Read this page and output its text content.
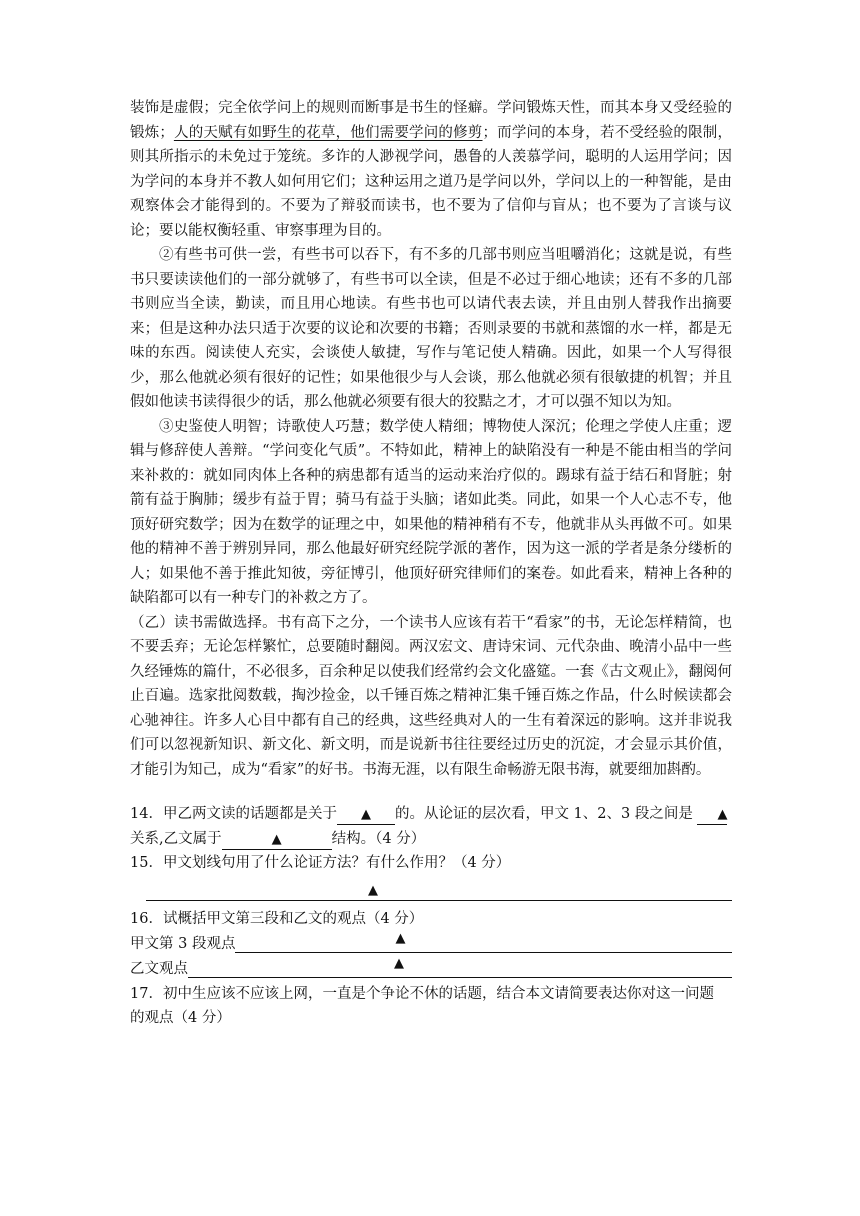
装饰是虚假；完全依学问上的规则而断事是书生的怪癖。学问锻炼天性，而其本身又受经验的锻炼；人的天赋有如野生的花草，他们需要学问的修剪；而学问的本身，若不受经验的限制，则其所指示的未免过于笼统。多诈的人渺视学问，愚鲁的人羡慕学问，聪明的人运用学问；因为学问的本身并不教人如何用它们；这种运用之道乃是学问以外，学问以上的一种智能，是由观察体会才能得到的。不要为了辩驳而读书，也不要为了信仰与盲从；也不要为了言谈与议论；要以能权衡轻重、审察事理为目的。

②有些书可供一尝，有些书可以吞下，有不多的几部书则应当咀嚼消化；这就是说，有些书只要读读他们的一部分就够了，有些书可以全读，但是不必过于细心地读；还有不多的几部书则应当全读，勤读，而且用心地读。有些书也可以请代表去读，并且由别人替我作出摘要来；但是这种办法只适于次要的议论和次要的书籍；否则录要的书就和蒸馏的水一样，都是无味的东西。阅读使人充实，会谈使人敏捷，写作与笔记使人精确。因此，如果一个人写得很少，那么他就必须有很好的记性；如果他很少与人会谈，那么他就必须有很敏捷的机智；并且假如他读书读得很少的话，那么他就必须要有很大的狡黠之才，才可以强不知以为知。

③史鉴使人明智；诗歌使人巧慧；数学使人精细；博物使人深沉；伦理之学使人庄重；逻辑与修辞使人善辩。“学问变化气质”。不特如此，精神上的缺陷没有一种是不能由相当的学问来补救的：就如同肉体上各种的病患都有适当的运动来治疗似的。踢球有益于结石和肾脏；射箭有益于胸肺；缓步有益于胃；骑马有益于头脑；诸如此类。同此，如果一个人心志不专，他顶好研究数学；因为在数学的证理之中，如果他的精神稍有不专，他就非从头再做不可。如果他的精神不善于辨别异同，那么他最好研究经院学派的著作，因为这一派的学者是条分缕析的人；如果他不善于推此知彼，旁征博引，他顶好研究律师们的案卷。如此看来，精神上各种的缺陷都可以有一种专门的补救之方了。

（乙）读书需做选择。书有高下之分，一个读书人应该有若干“看家”的书，无论怎样精简，也不要丢弃；无论怎样繁忙，总要随时翻阅。两汉宏文、唐诗宋词、元代杂曲、晚清小品中一些久经锤炼的篇什，不必很多，百余种足以使我们经常约会文化盛筵。一套《古文观止》，翻阅何止百遍。选家批阅数载，掏沙捡金，以千锤百炼之精神汇集千锤百炼之作品，什么时候读都会心驰神往。许多人心目中都有自己的经典，这些经典对人的一生有着深远的影响。这并非说我们可以忽视新知识、新文化、新文明，而是说新书往往要经过历史的沉淀，才会显示其价值，才能引为知己，成为“看家”的好书。书海无涯，以有限生命畅游无限书海，就要细加斟酌。

14．甲乙两文读的话题都是关于 ▲ 的。从论证的层次看，甲文 1、2、3 段之间是 ▲

关系,乙文属于	▲	结构。（4 分）

15．甲文划线句用了什么论证方法？有什么作用？（4 分）

▲

16．试概括甲文第三段和乙文的观点（4 分）

甲文第 3 段观点	▲
乙文观点	▲

17．初中生应该不应该上网，一直是个争论不休的话题，结合本文请简要表达你对这一问题

的观点（4 分）
